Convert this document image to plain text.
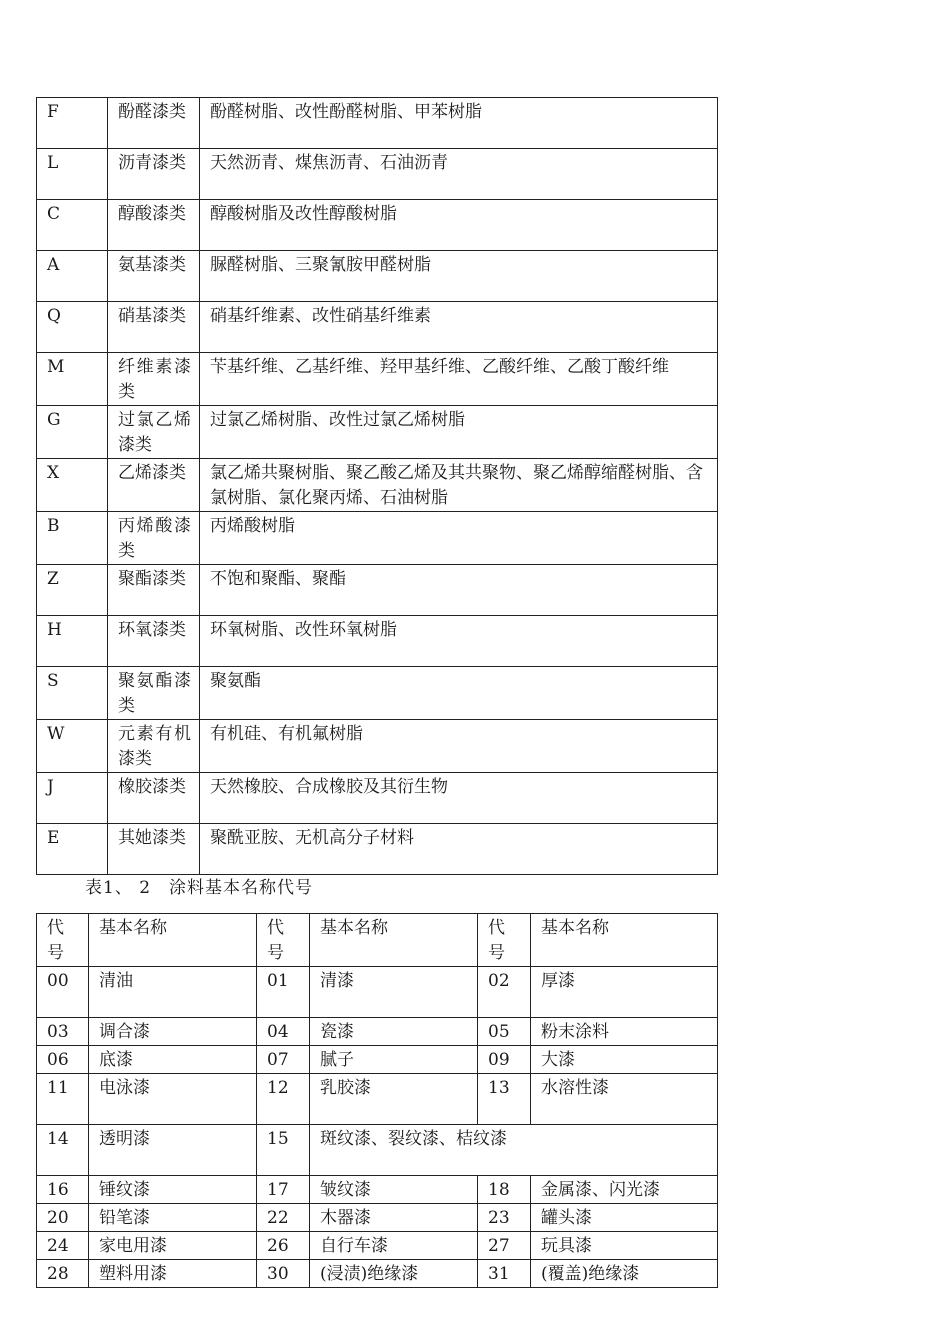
F	酚醛漆类	酚醛树脂、改性酚醛树脂、甲苯树脂
L	沥青漆类	天然沥青、煤焦沥青、石油沥青
C	醇酸漆类	醇酸树脂及改性醇酸树脂
A	氨基漆类	脲醛树脂、三聚氰胺甲醛树脂
Q	硝基漆类	硝基纤维素、改性硝基纤维素
M	纤维素漆类	苄基纤维、乙基纤维、羟甲基纤维、乙酸纤维、乙酸丁酸纤维
G	过氯乙烯漆类	过氯乙烯树脂、改性过氯乙烯树脂
X	乙烯漆类	氯乙烯共聚树脂、聚乙酸乙烯及其共聚物、聚乙烯醇缩醛树脂、含氯树脂、氯化聚丙烯、石油树脂
B	丙烯酸漆类	丙烯酸树脂
Z	聚酯漆类	不饱和聚酯、聚酯
H	环氧漆类	环氧树脂、改性环氧树脂
S	聚氨酯漆类	聚氨酯
W	元素有机漆类	有机硅、有机氟树脂
J	橡胶漆类	天然橡胶、合成橡胶及其衍生物
E	其她漆类	聚酰亚胺、无机高分子材料
表1、 2　涂料基本名称代号
代号	基本名称	代号	基本名称	代号	基本名称
00	清油	01	清漆	02	厚漆
03	调合漆	04	瓷漆	05	粉末涂料
06	底漆	07	腻子	09	大漆
11	电泳漆	12	乳胶漆	13	水溶性漆
14	透明漆	15	斑纹漆、裂纹漆、桔纹漆		
16	锤纹漆	17	皱纹漆	18	金属漆、闪光漆
20	铅笔漆	22	木器漆	23	罐头漆
24	家电用漆	26	自行车漆	27	玩具漆
28	塑料用漆	30	(浸渍)绝缘漆	31	(覆盖)绝缘漆
